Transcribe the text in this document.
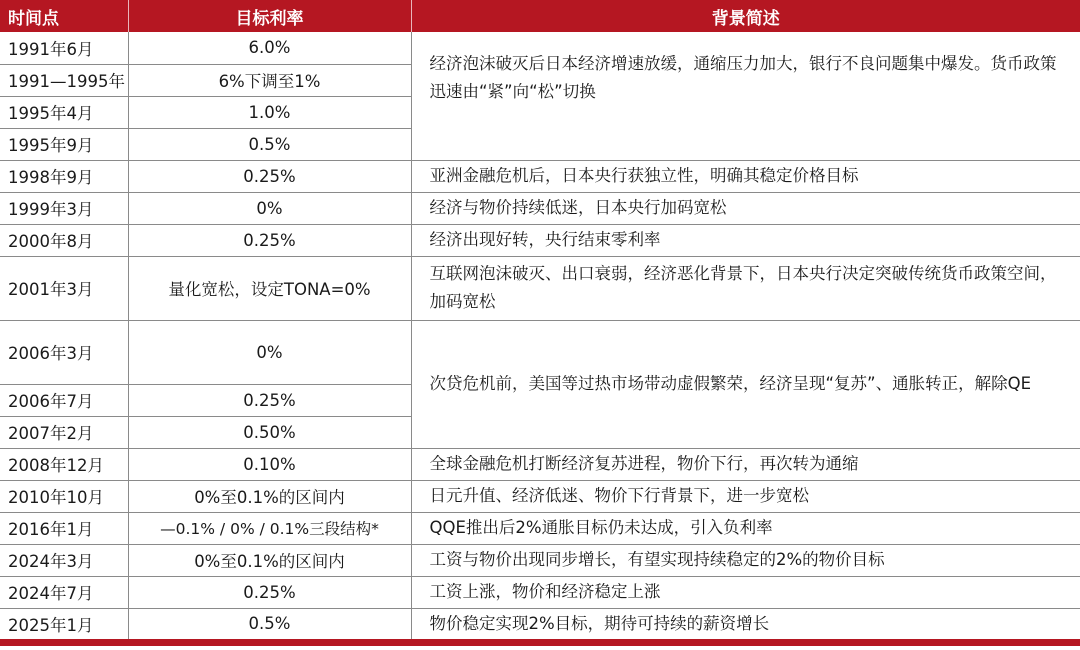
时间点	目标利率	背景简述
1991年6月	6.0%	经济泡沫破灭后日本经济增速放缓，通缩压力加大，银行不良问题集中爆发。货币政策迅速由“紧”向“松”切换
1991—1995年	6%下调至1%	
1995年4月	1.0%	
1995年9月	0.5%	
1998年9月	0.25%	亚洲金融危机后，日本央行获独立性，明确其稳定价格目标
1999年3月	0%	经济与物价持续低迷，日本央行加码宽松
2000年8月	0.25%	经济出现好转，央行结束零利率
2001年3月	量化宽松，设定TONA=0%	互联网泡沫破灭、出口衰弱，经济恶化背景下，日本央行决定突破传统货币政策空间，加码宽松
2006年3月	0%	次贷危机前，美国等过热市场带动虚假繁荣，经济呈现“复苏”、通胀转正，解除QE
2006年7月	0.25%	
2007年2月	0.50%	
2008年12月	0.10%	全球金融危机打断经济复苏进程，物价下行，再次转为通缩
2010年10月	0%至0.1%的区间内	日元升值、经济低迷、物价下行背景下，进一步宽松
2016年1月	—0.1% / 0% / 0.1%三段结构*	QQE推出后2%通胀目标仍未达成，引入负利率
2024年3月	0%至0.1%的区间内	工资与物价出现同步增长，有望实现持续稳定的2%的物价目标
2024年7月	0.25%	工资上涨，物价和经济稳定上涨
2025年1月	0.5%	物价稳定实现2%目标，期待可持续的薪资增长
